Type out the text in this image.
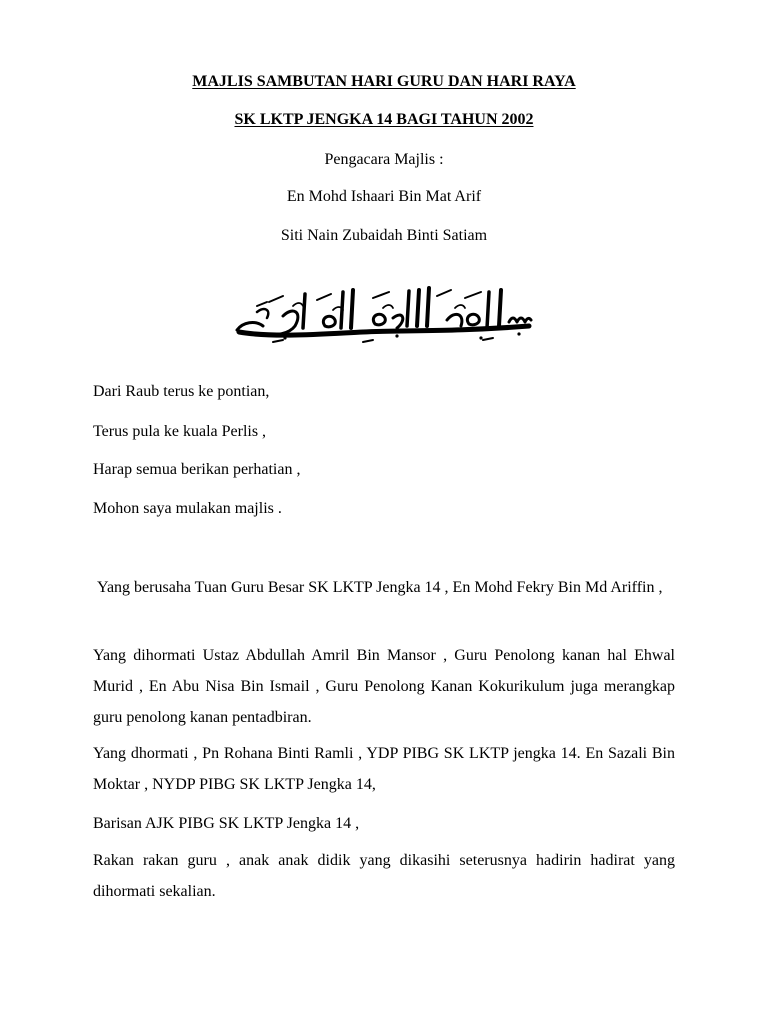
MAJLIS SAMBUTAN HARI GURU DAN HARI RAYA
SK LKTP JENGKA 14 BAGI TAHUN 2002
Pengacara Majlis :
En Mohd Ishaari Bin Mat Arif
Siti Nain Zubaidah Binti Satiam
Dari Raub terus ke pontian,
Terus pula ke kuala Perlis ,
Harap semua berikan perhatian ,
Mohon saya mulakan majlis .
Yang berusaha Tuan Guru Besar SK LKTP Jengka 14 , En Mohd Fekry Bin Md Ariffin ,
Yang dihormati Ustaz Abdullah Amril Bin Mansor , Guru Penolong kanan hal Ehwal Murid , En Abu Nisa Bin Ismail , Guru Penolong Kanan Kokurikulum juga merangkap guru penolong kanan pentadbiran.
Yang dhormati , Pn Rohana Binti Ramli , YDP PIBG SK LKTP jengka 14. En Sazali Bin Moktar , NYDP PIBG SK LKTP Jengka 14,
Barisan AJK PIBG SK LKTP Jengka 14 ,
Rakan rakan guru , anak anak didik yang dikasihi seterusnya hadirin hadirat yang dihormati sekalian.
